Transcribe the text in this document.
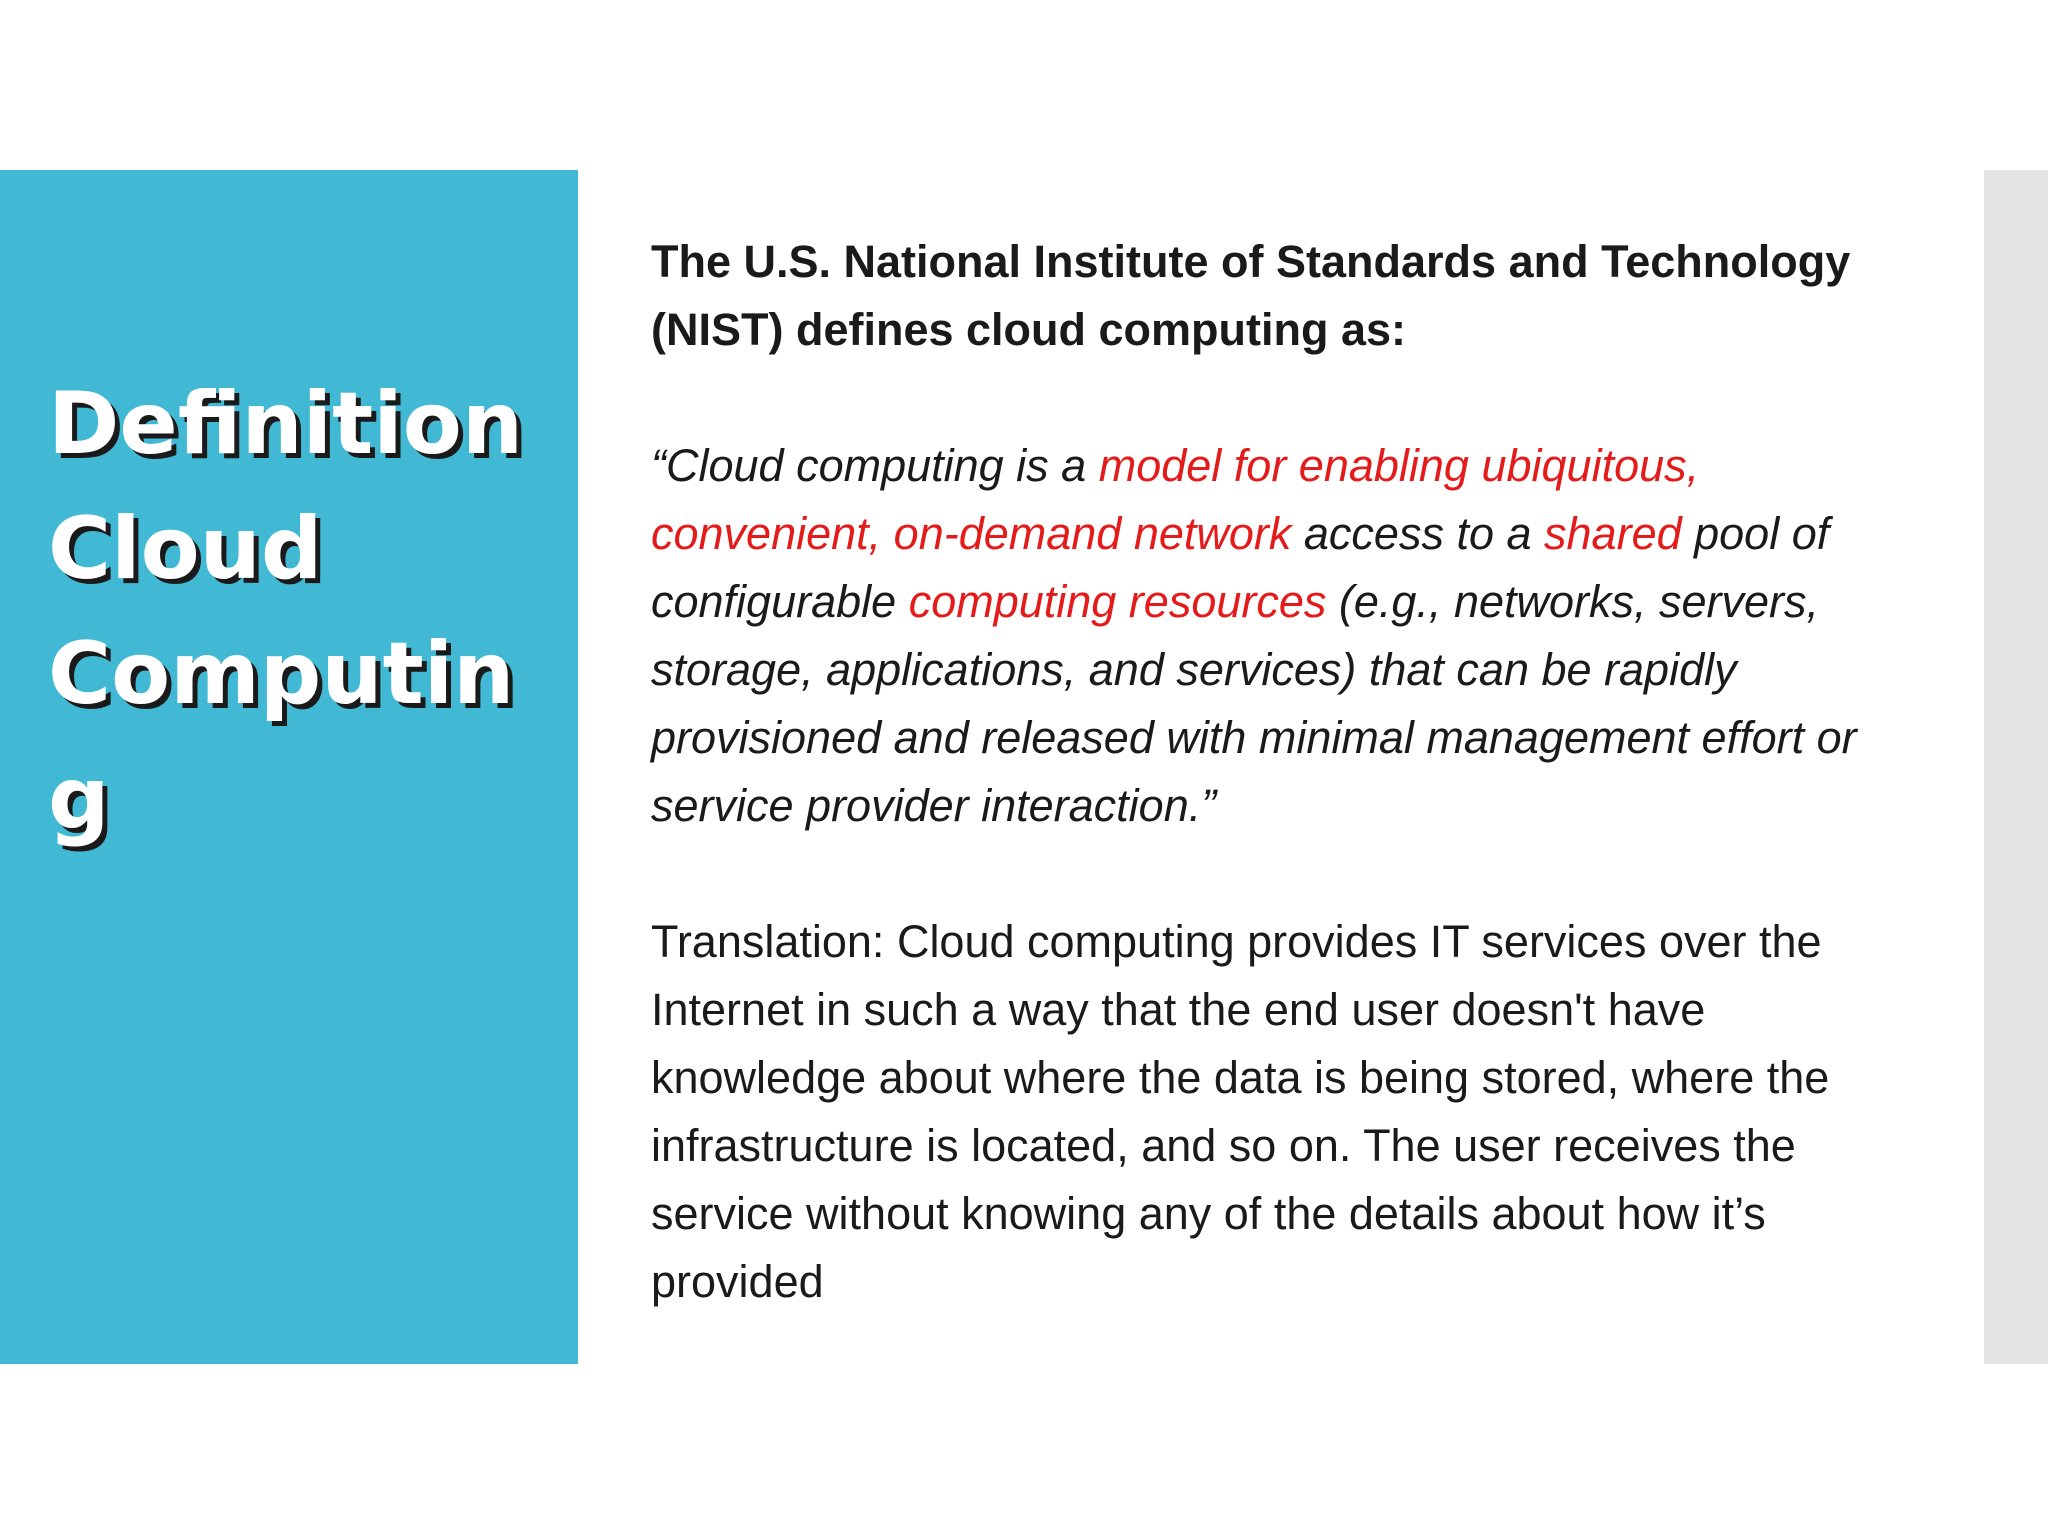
Definition
Cloud
Computin
g

The U.S. National Institute of Standards and Technology (NIST) defines cloud computing as:

“Cloud computing is a model for enabling ubiquitous, convenient, on-demand network access to a shared pool of configurable computing resources (e.g., networks, servers, storage, applications, and services) that can be rapidly provisioned and released with minimal management effort or service provider interaction.”

Translation: Cloud computing provides IT services over the Internet in such a way that the end user doesn't have knowledge about where the data is being stored, where the infrastructure is located, and so on. The user receives the service without knowing any of the details about how it’s provided
